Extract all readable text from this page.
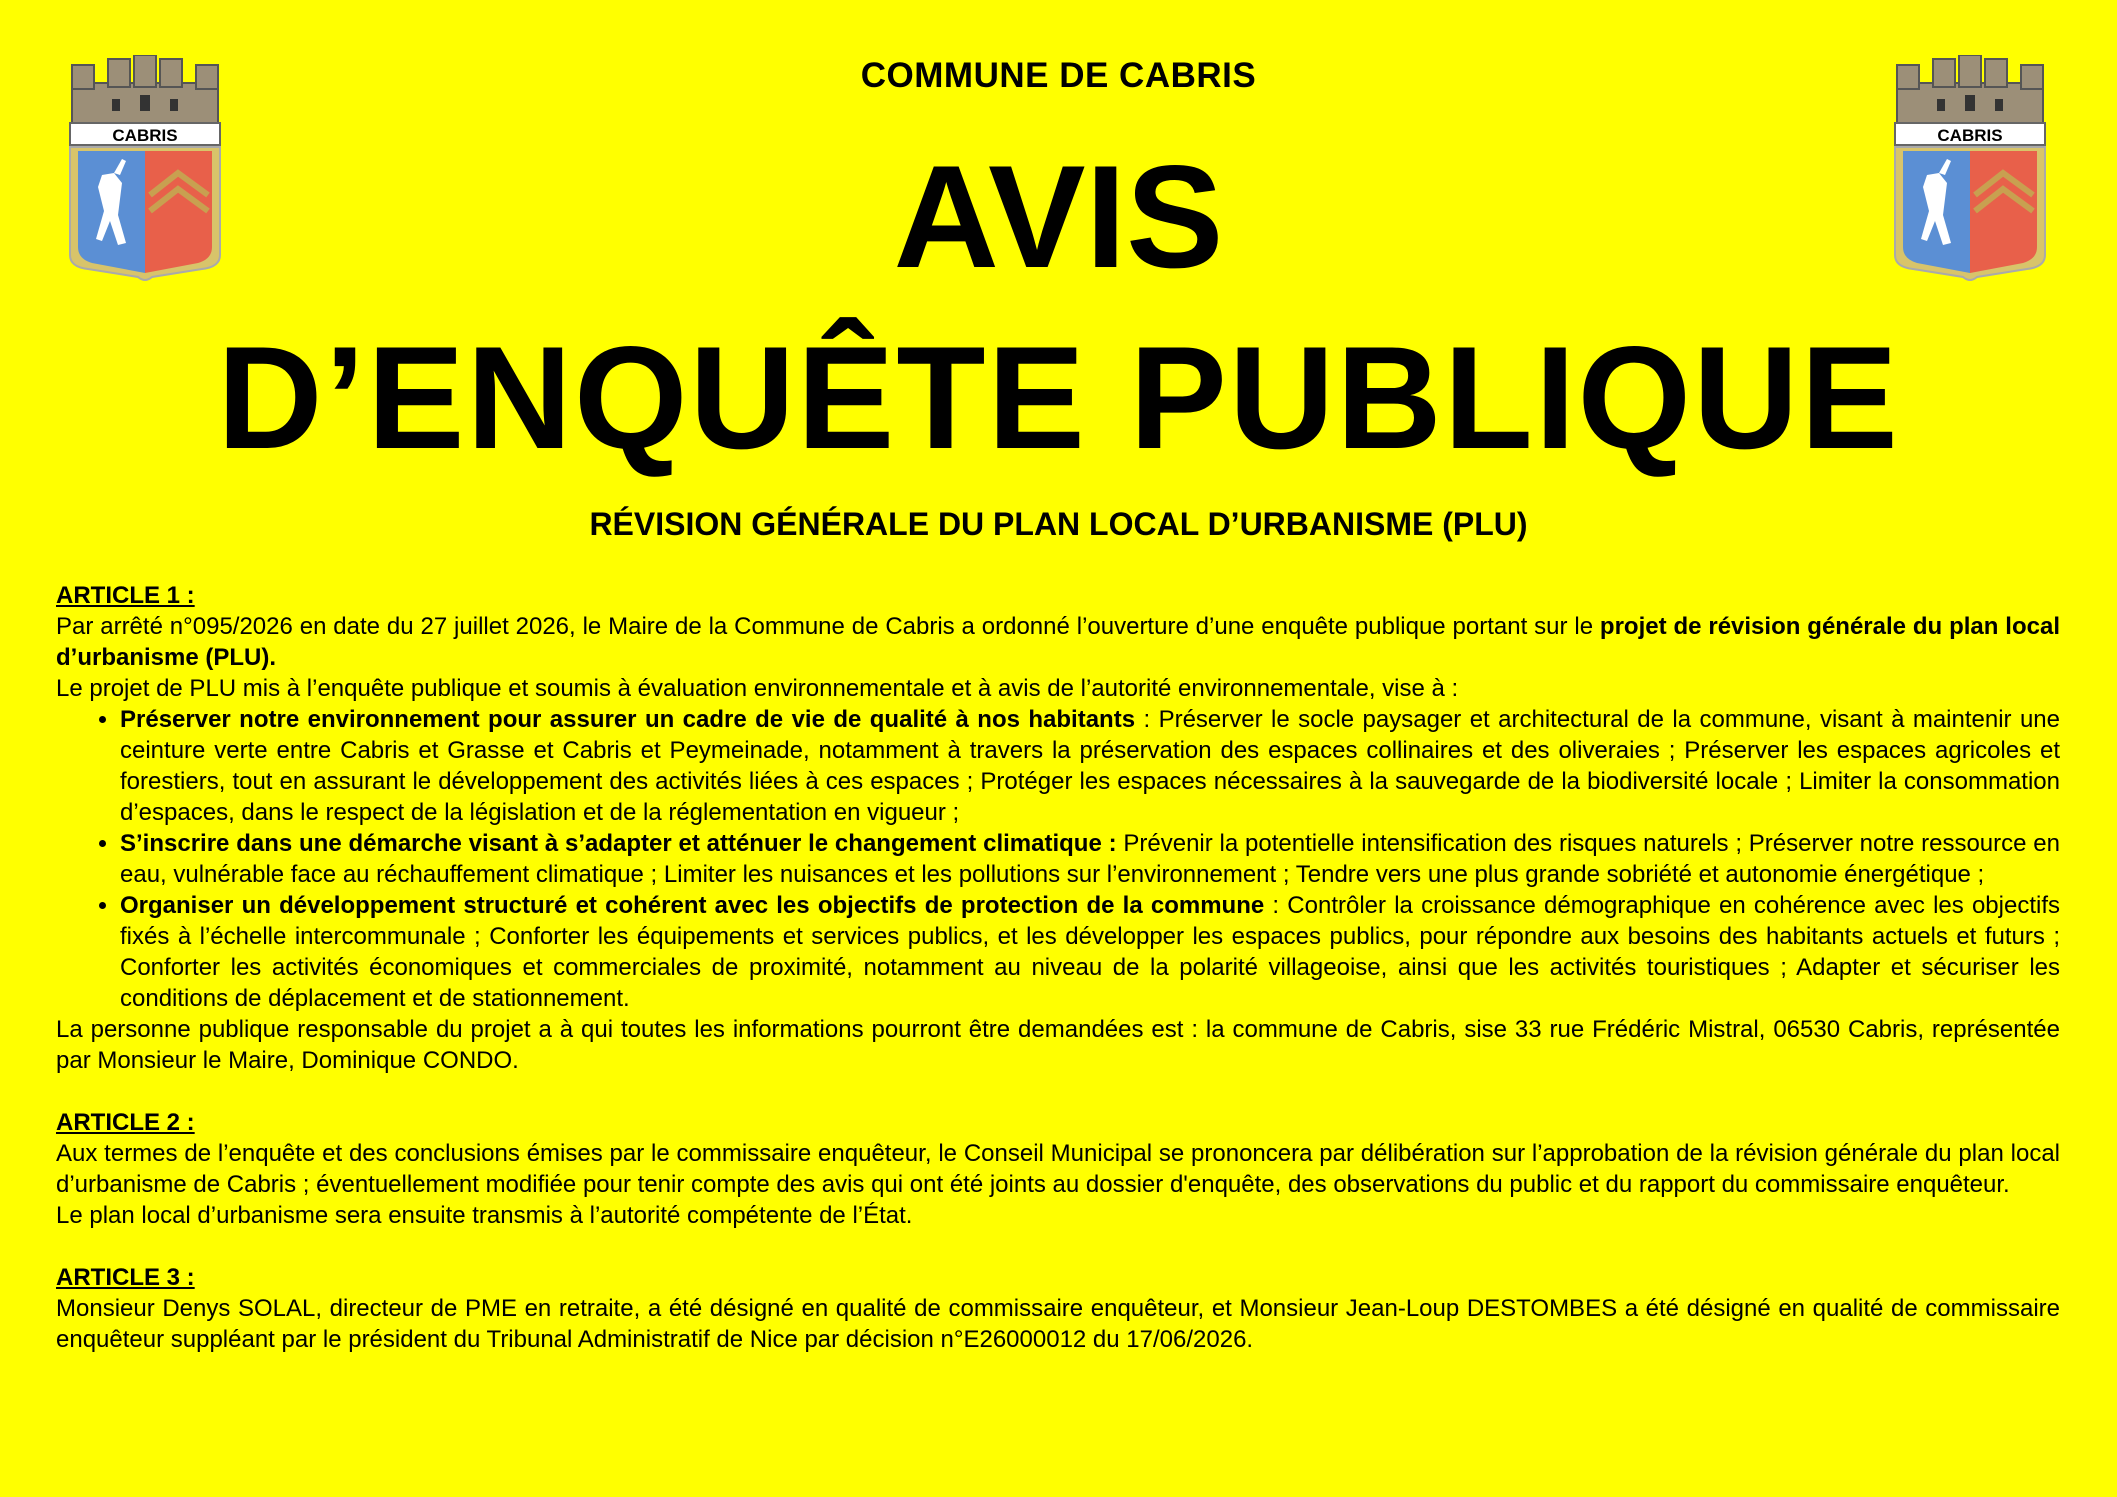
CABRIS	CABRIS
COMMUNE DE CABRIS
AVIS
D’ENQUÊTE PUBLIQUE
RÉVISION GÉNÉRALE DU PLAN LOCAL D’URBANISME (PLU)

ARTICLE 1 :

Par arrêté n°095/2026 en date du 27 juillet 2026, le Maire de la Commune de Cabris a ordonné l’ouverture d’une enquête publique portant sur le projet de révision générale du plan local d’urbanisme (PLU).

Le projet de PLU mis à l’enquête publique et soumis à évaluation environnementale et à avis de l’autorité environnementale, vise à :

• Préserver notre environnement pour assurer un cadre de vie de qualité à nos habitants : Préserver le socle paysager et architectural de la commune, visant à maintenir une ceinture verte entre Cabris et Grasse et Cabris et Peymeinade, notamment à travers la préservation des espaces collinaires et des oliveraies ; Préserver les espaces agricoles et forestiers, tout en assurant le développement des activités liées à ces espaces ; Protéger les espaces nécessaires à la sauvegarde de la biodiversité locale ; Limiter la consommation d’espaces, dans le respect de la législation et de la réglementation en vigueur ;
• S’inscrire dans une démarche visant à s’adapter et atténuer le changement climatique : Prévenir la potentielle intensification des risques naturels ; Préserver notre ressource en eau, vulnérable face au réchauffement climatique ; Limiter les nuisances et les pollutions sur l’environnement ; Tendre vers une plus grande sobriété et autonomie énergétique ;
• Organiser un développement structuré et cohérent avec les objectifs de protection de la commune : Contrôler la croissance démographique en cohérence avec les objectifs fixés à l’échelle intercommunale ; Conforter les équipements et services publics, et les développer les espaces publics, pour répondre aux besoins des habitants actuels et futurs ; Conforter les activités économiques et commerciales de proximité, notamment au niveau de la polarité villageoise, ainsi que les activités touristiques ; Adapter et sécuriser les conditions de déplacement et de stationnement.

La personne publique responsable du projet a à qui toutes les informations pourront être demandées est : la commune de Cabris, sise 33 rue Frédéric Mistral, 06530 Cabris, représentée par Monsieur le Maire, Dominique CONDO.

ARTICLE 2 :

Aux termes de l’enquête et des conclusions émises par le commissaire enquêteur, le Conseil Municipal se prononcera par délibération sur l’approbation de la révision générale du plan local d’urbanisme de Cabris ; éventuellement modifiée pour tenir compte des avis qui ont été joints au dossier d'enquête, des observations du public et du rapport du commissaire enquêteur.

Le plan local d’urbanisme sera ensuite transmis à l’autorité compétente de l’État.

ARTICLE 3 :

Monsieur Denys SOLAL, directeur de PME en retraite, a été désigné en qualité de commissaire enquêteur, et Monsieur Jean-Loup DESTOMBES a été désigné en qualité de commissaire enquêteur suppléant par le président du Tribunal Administratif de Nice par décision n°E26000012 du 17/06/2026.
